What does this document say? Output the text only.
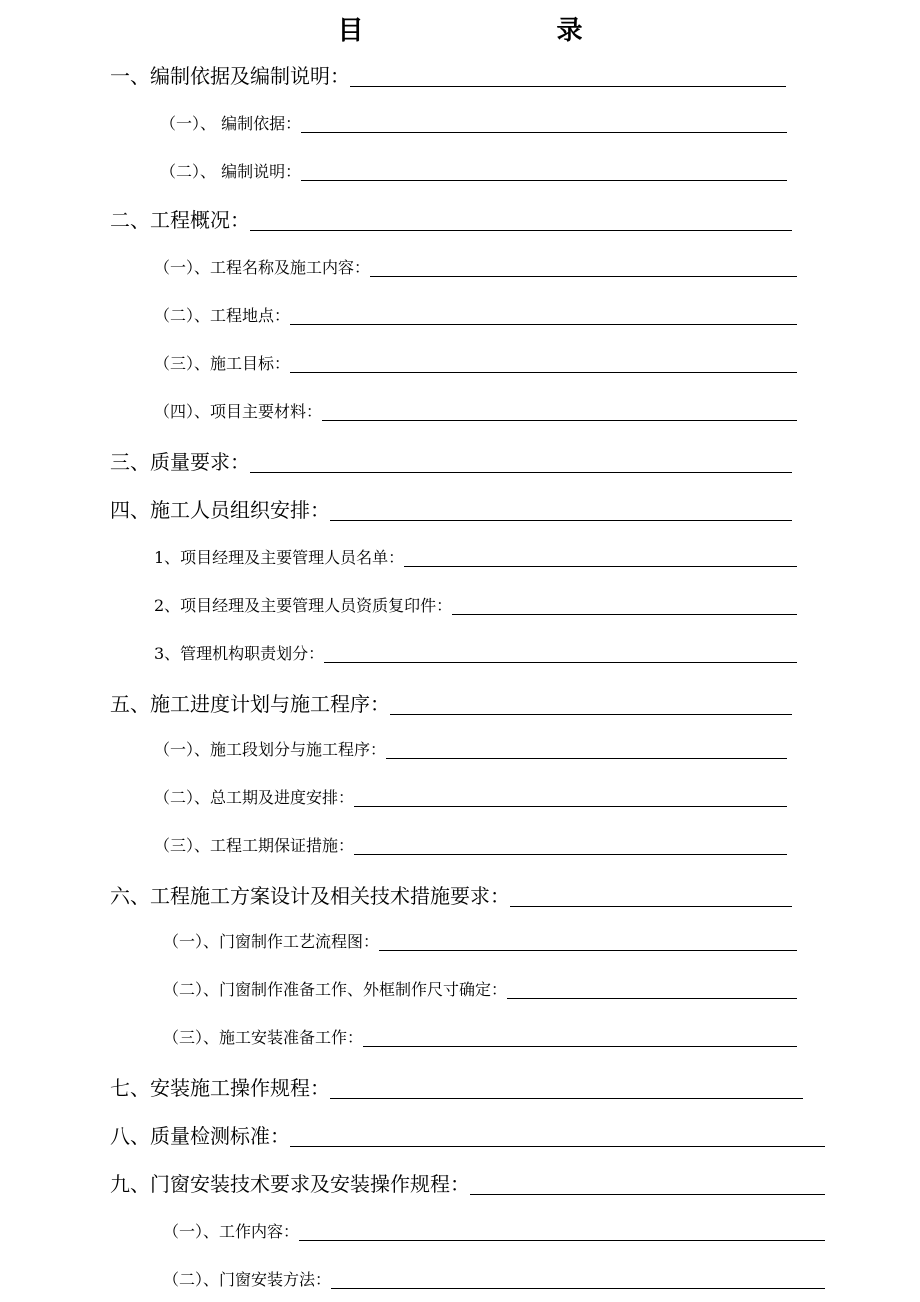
目 录
一、编制依据及编制说明：
（一）、 编制依据：
（二）、 编制说明：
二、工程概况：
（一）、工程名称及施工内容：
（二）、工程地点：
（三）、施工目标：
（四）、项目主要材料：
三、质量要求：
四、施工人员组织安排：
1、项目经理及主要管理人员名单：
2、项目经理及主要管理人员资质复印件：
3、管理机构职责划分：
五、施工进度计划与施工程序：
（一）、施工段划分与施工程序：
（二）、总工期及进度安排：
（三）、工程工期保证措施：
六、工程施工方案设计及相关技术措施要求：
（一）、门窗制作工艺流程图：
（二）、门窗制作准备工作、外框制作尺寸确定：
（三）、施工安装准备工作：
七、安装施工操作规程：
八、质量检测标准：
九、门窗安装技术要求及安装操作规程：
（一）、工作内容：
（二）、门窗安装方法：
